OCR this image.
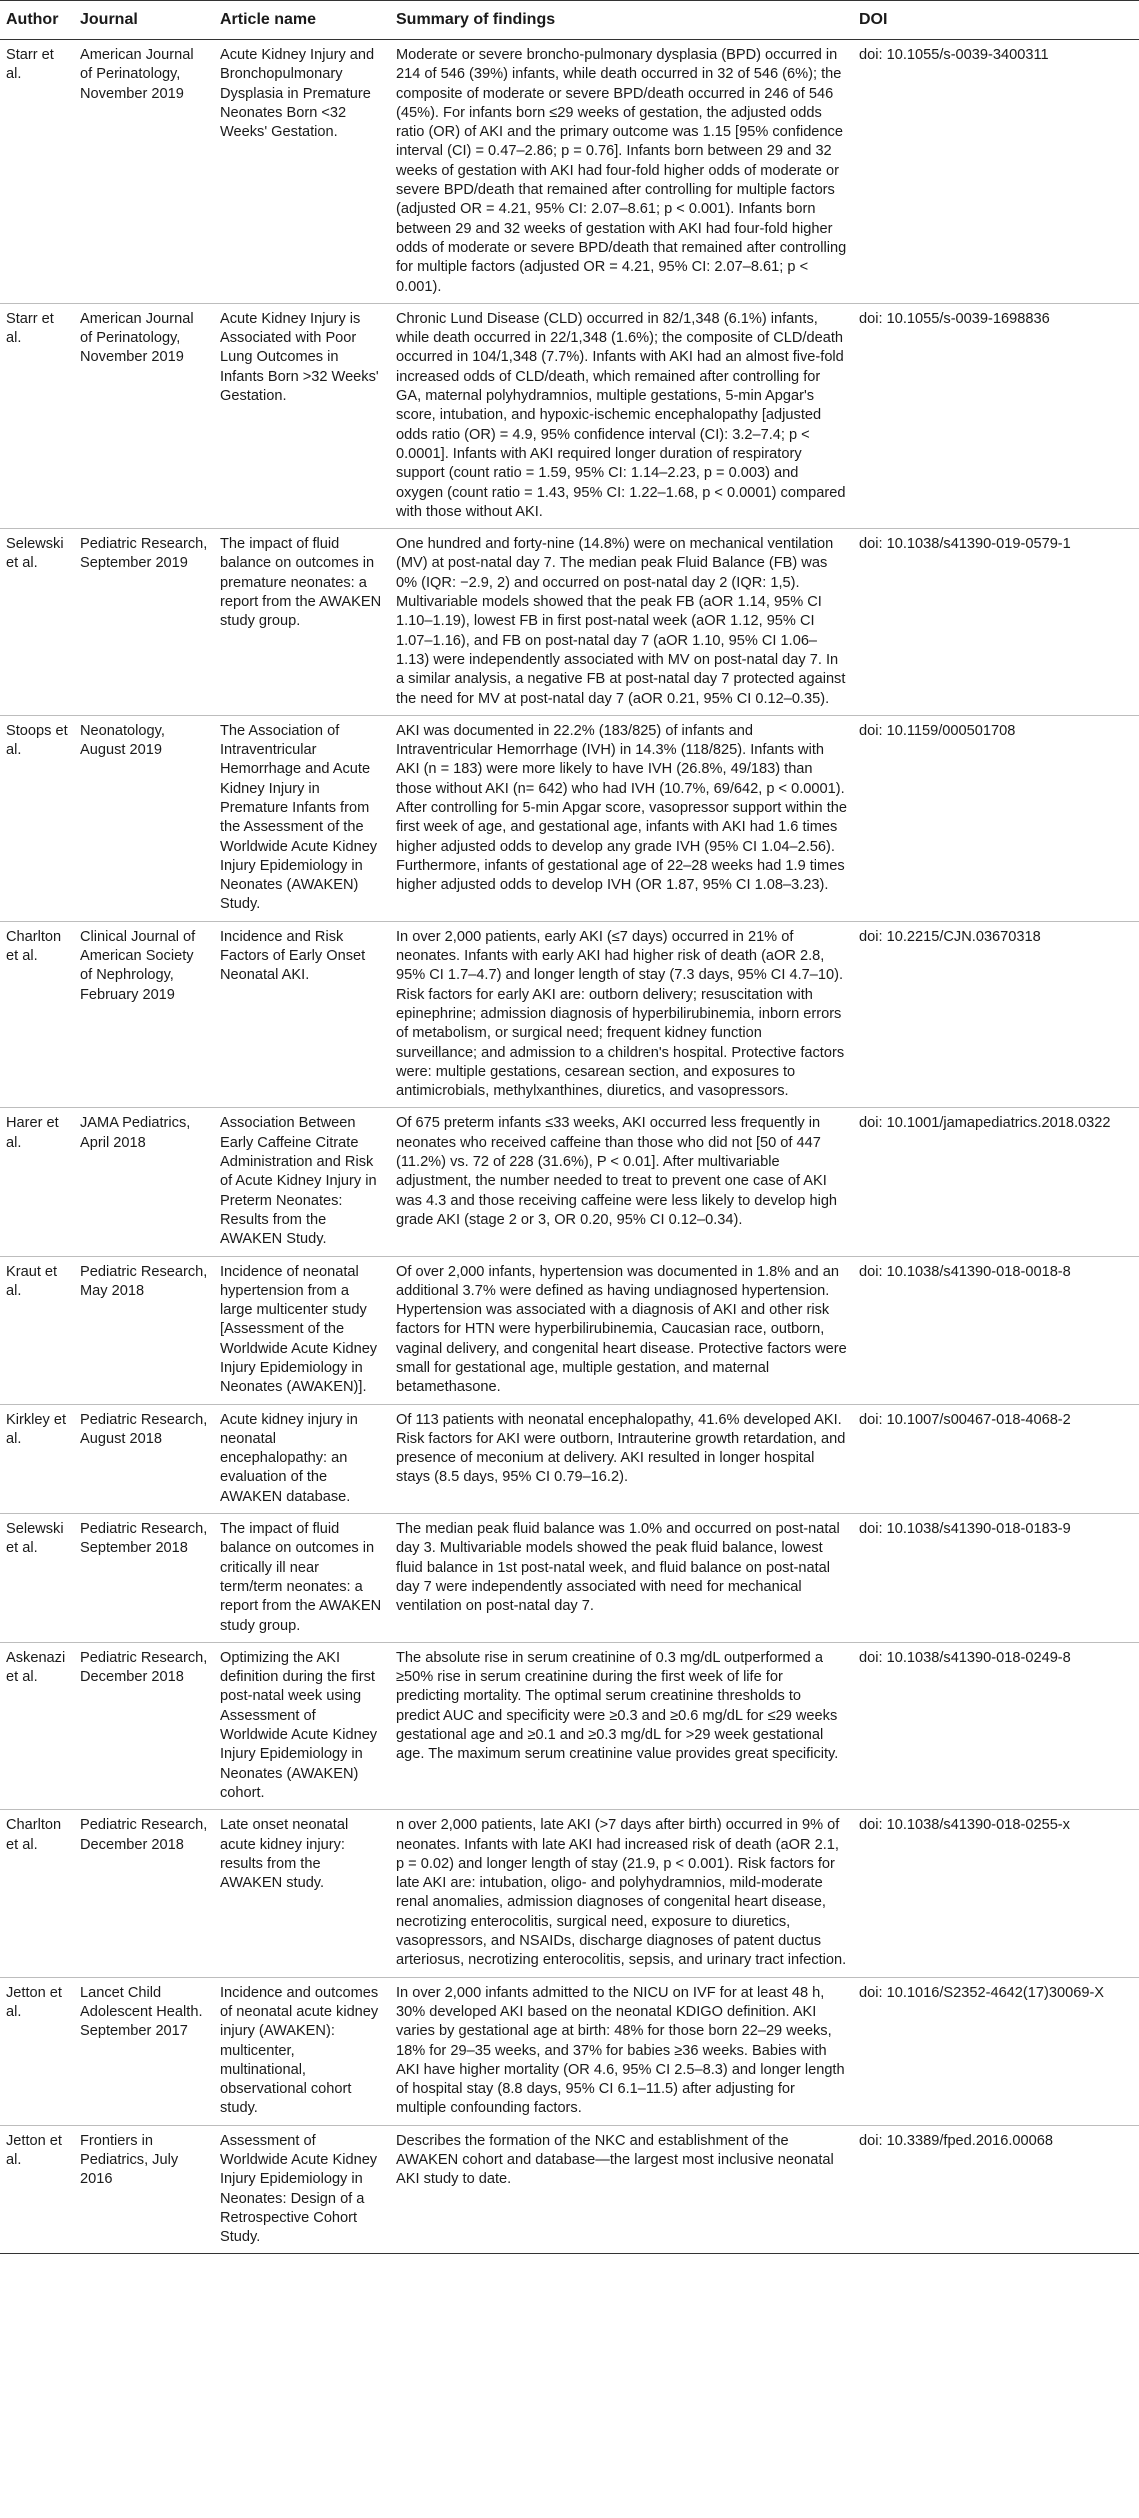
Author	Journal	Article name	Summary of findings	DOI
Starr et al.	American Journal of Perinatology, November 2019	Acute Kidney Injury and Bronchopulmonary Dysplasia in Premature Neonates Born <32 Weeks' Gestation.	Moderate or severe broncho-pulmonary dysplasia (BPD) occurred in 214 of 546 (39%) infants, while death occurred in 32 of 546 (6%); the composite of moderate or severe BPD/death occurred in 246 of 546 (45%). For infants born ≤29 weeks of gestation, the adjusted odds ratio (OR) of AKI and the primary outcome was 1.15 [95% confidence interval (CI) = 0.47–2.86; p = 0.76]. Infants born between 29 and 32 weeks of gestation with AKI had four-fold higher odds of moderate or severe BPD/death that remained after controlling for multiple factors (adjusted OR = 4.21, 95% CI: 2.07–8.61; p < 0.001). Infants born between 29 and 32 weeks of gestation with AKI had four-fold higher odds of moderate or severe BPD/death that remained after controlling for multiple factors (adjusted OR = 4.21, 95% CI: 2.07–8.61; p < 0.001).	doi: 10.1055/s-0039-3400311
Starr et al.	American Journal of Perinatology, November 2019	Acute Kidney Injury is Associated with Poor Lung Outcomes in Infants Born >32 Weeks' Gestation.	Chronic Lund Disease (CLD) occurred in 82/1,348 (6.1%) infants, while death occurred in 22/1,348 (1.6%); the composite of CLD/death occurred in 104/1,348 (7.7%). Infants with AKI had an almost five-fold increased odds of CLD/death, which remained after controlling for GA, maternal polyhydramnios, multiple gestations, 5-min Apgar's score, intubation, and hypoxic-ischemic encephalopathy [adjusted odds ratio (OR) = 4.9, 95% confidence interval (CI): 3.2–7.4; p < 0.0001]. Infants with AKI required longer duration of respiratory support (count ratio = 1.59, 95% CI: 1.14–2.23, p = 0.003) and oxygen (count ratio = 1.43, 95% CI: 1.22–1.68, p < 0.0001) compared with those without AKI.	doi: 10.1055/s-0039-1698836
Selewski et al.	Pediatric Research, September 2019	The impact of fluid balance on outcomes in premature neonates: a report from the AWAKEN study group.	One hundred and forty-nine (14.8%) were on mechanical ventilation (MV) at post-natal day 7. The median peak Fluid Balance (FB) was 0% (IQR: −2.9, 2) and occurred on post-natal day 2 (IQR: 1,5). Multivariable models showed that the peak FB (aOR 1.14, 95% CI 1.10–1.19), lowest FB in first post-natal week (aOR 1.12, 95% CI 1.07–1.16), and FB on post-natal day 7 (aOR 1.10, 95% CI 1.06–1.13) were independently associated with MV on post-natal day 7. In a similar analysis, a negative FB at post-natal day 7 protected against the need for MV at post-natal day 7 (aOR 0.21, 95% CI 0.12–0.35).	doi: 10.1038/s41390-019-0579-1
Stoops et al.	Neonatology, August 2019	The Association of Intraventricular Hemorrhage and Acute Kidney Injury in Premature Infants from the Assessment of the Worldwide Acute Kidney Injury Epidemiology in Neonates (AWAKEN) Study.	AKI was documented in 22.2% (183/825) of infants and Intraventricular Hemorrhage (IVH) in 14.3% (118/825). Infants with AKI (n = 183) were more likely to have IVH (26.8%, 49/183) than those without AKI (n= 642) who had IVH (10.7%, 69/642, p < 0.0001). After controlling for 5-min Apgar score, vasopressor support within the first week of age, and gestational age, infants with AKI had 1.6 times higher adjusted odds to develop any grade IVH (95% CI 1.04–2.56). Furthermore, infants of gestational age of 22–28 weeks had 1.9 times higher adjusted odds to develop IVH (OR 1.87, 95% CI 1.08–3.23).	doi: 10.1159/000501708
Charlton et al.	Clinical Journal of American Society of Nephrology, February 2019	Incidence and Risk Factors of Early Onset Neonatal AKI.	In over 2,000 patients, early AKI (≤7 days) occurred in 21% of neonates. Infants with early AKI had higher risk of death (aOR 2.8, 95% CI 1.7–4.7) and longer length of stay (7.3 days, 95% CI 4.7–10). Risk factors for early AKI are: outborn delivery; resuscitation with epinephrine; admission diagnosis of hyperbilirubinemia, inborn errors of metabolism, or surgical need; frequent kidney function surveillance; and admission to a children's hospital. Protective factors were: multiple gestations, cesarean section, and exposures to antimicrobials, methylxanthines, diuretics, and vasopressors.	doi: 10.2215/CJN.03670318
Harer et al.	JAMA Pediatrics, April 2018	Association Between Early Caffeine Citrate Administration and Risk of Acute Kidney Injury in Preterm Neonates: Results from the AWAKEN Study.	Of 675 preterm infants ≤33 weeks, AKI occurred less frequently in neonates who received caffeine than those who did not [50 of 447 (11.2%) vs. 72 of 228 (31.6%), P < 0.01]. After multivariable adjustment, the number needed to treat to prevent one case of AKI was 4.3 and those receiving caffeine were less likely to develop high grade AKI (stage 2 or 3, OR 0.20, 95% CI 0.12–0.34).	doi: 10.1001/jamapediatrics.2018.0322
Kraut et al.	Pediatric Research, May 2018	Incidence of neonatal hypertension from a large multicenter study [Assessment of the Worldwide Acute Kidney Injury Epidemiology in Neonates (AWAKEN)].	Of over 2,000 infants, hypertension was documented in 1.8% and an additional 3.7% were defined as having undiagnosed hypertension. Hypertension was associated with a diagnosis of AKI and other risk factors for HTN were hyperbilirubinemia, Caucasian race, outborn, vaginal delivery, and congenital heart disease. Protective factors were small for gestational age, multiple gestation, and maternal betamethasone.	doi: 10.1038/s41390-018-0018-8
Kirkley et al.	Pediatric Research, August 2018	Acute kidney injury in neonatal encephalopathy: an evaluation of the AWAKEN database.	Of 113 patients with neonatal encephalopathy, 41.6% developed AKI. Risk factors for AKI were outborn, Intrauterine growth retardation, and presence of meconium at delivery. AKI resulted in longer hospital stays (8.5 days, 95% CI 0.79–16.2).	doi: 10.1007/s00467-018-4068-2
Selewski et al.	Pediatric Research, September 2018	The impact of fluid balance on outcomes in critically ill near term/term neonates: a report from the AWAKEN study group.	The median peak fluid balance was 1.0% and occurred on post-natal day 3. Multivariable models showed the peak fluid balance, lowest fluid balance in 1st post-natal week, and fluid balance on post-natal day 7 were independently associated with need for mechanical ventilation on post-natal day 7.	doi: 10.1038/s41390-018-0183-9
Askenazi et al.	Pediatric Research, December 2018	Optimizing the AKI definition during the first post-natal week using Assessment of Worldwide Acute Kidney Injury Epidemiology in Neonates (AWAKEN) cohort.	The absolute rise in serum creatinine of 0.3 mg/dL outperformed a ≥50% rise in serum creatinine during the first week of life for predicting mortality. The optimal serum creatinine thresholds to predict AUC and specificity were ≥0.3 and ≥0.6 mg/dL for ≤29 weeks gestational age and ≥0.1 and ≥0.3 mg/dL for >29 week gestational age. The maximum serum creatinine value provides great specificity.	doi: 10.1038/s41390-018-0249-8
Charlton et al.	Pediatric Research, December 2018	Late onset neonatal acute kidney injury: results from the AWAKEN study.	n over 2,000 patients, late AKI (>7 days after birth) occurred in 9% of neonates. Infants with late AKI had increased risk of death (aOR 2.1, p = 0.02) and longer length of stay (21.9, p < 0.001). Risk factors for late AKI are: intubation, oligo- and polyhydramnios, mild-moderate renal anomalies, admission diagnoses of congenital heart disease, necrotizing enterocolitis, surgical need, exposure to diuretics, vasopressors, and NSAIDs, discharge diagnoses of patent ductus arteriosus, necrotizing enterocolitis, sepsis, and urinary tract infection.	doi: 10.1038/s41390-018-0255-x
Jetton et al.	Lancet Child Adolescent Health. September 2017	Incidence and outcomes of neonatal acute kidney injury (AWAKEN): multicenter, multinational, observational cohort study.	In over 2,000 infants admitted to the NICU on IVF for at least 48 h, 30% developed AKI based on the neonatal KDIGO definition. AKI varies by gestational age at birth: 48% for those born 22–29 weeks, 18% for 29–35 weeks, and 37% for babies ≥36 weeks. Babies with AKI have higher mortality (OR 4.6, 95% CI 2.5–8.3) and longer length of hospital stay (8.8 days, 95% CI 6.1–11.5) after adjusting for multiple confounding factors.	doi: 10.1016/S2352-4642(17)30069-X
Jetton et al.	Frontiers in Pediatrics, July 2016	Assessment of Worldwide Acute Kidney Injury Epidemiology in Neonates: Design of a Retrospective Cohort Study.	Describes the formation of the NKC and establishment of the AWAKEN cohort and database—the largest most inclusive neonatal AKI study to date.	doi: 10.3389/fped.2016.00068
